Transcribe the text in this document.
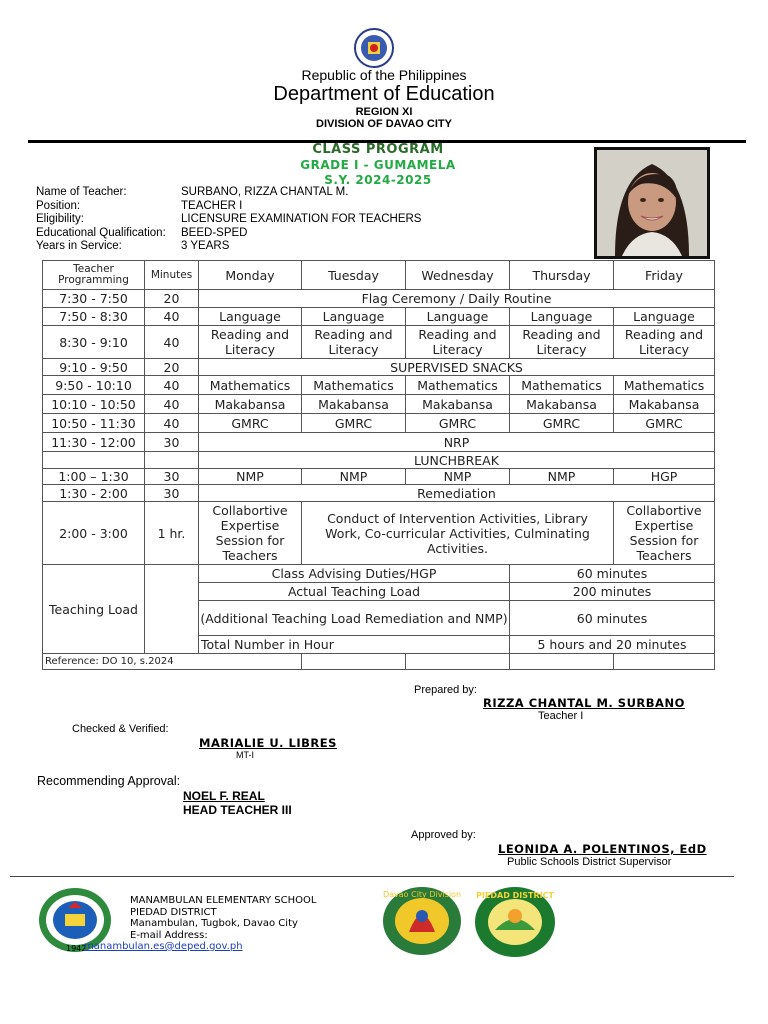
Republic of the Philippines
Department of Education
REGION XI
DIVISION OF DAVAO CITY
CLASS PROGRAM
GRADE I - GUMAMELA
S.Y. 2024-2025
Name of Teacher:	SURBANO, RIZZA CHANTAL M.
Position:	TEACHER I
Eligibility:	LICENSURE EXAMINATION FOR TEACHERS
Educational Qualification:	BEED-SPED
Years in Service:	3 YEARS
Teacher Programming	Minutes	Monday	Tuesday	Wednesday	Thursday	Friday
7:30 - 7:50	20	Flag Ceremony / Daily Routine				
7:50 - 8:30	40	Language	Language	Language	Language	Language
8:30 - 9:10	40	Reading and Literacy	Reading and Literacy	Reading and Literacy	Reading and Literacy	Reading and Literacy
9:10 - 9:50	20	SUPERVISED SNACKS				
9:50 - 10:10	40	Mathematics	Mathematics	Mathematics	Mathematics	Mathematics
10:10 - 10:50	40	Makabansa	Makabansa	Makabansa	Makabansa	Makabansa
10:50 - 11:30	40	GMRC	GMRC	GMRC	GMRC	GMRC
11:30 - 12:00	30	NRP				
		LUNCHBREAK				
1:00 – 1:30	30	NMP	NMP	NMP	NMP	HGP
1:30 - 2:00	30	Remediation				
2:00 - 3:00	1 hr.	Collabortive Expertise Session for Teachers	Conduct of Intervention Activities, Library Work, Co-curricular Activities, Culminating Activities.			Collabortive Expertise Session for Teachers
Teaching Load		Class Advising Duties/HGP			60 minutes	
		Actual Teaching Load			200 minutes	
		(Additional Teaching Load Remediation and NMP)			60 minutes	
		Total Number in Hour			5 hours and 20 minutes	
Reference: DO 10, s.2024						
Prepared by:
RIZZA CHANTAL M. SURBANO
Teacher I
Checked & Verified:
MARIALIE U. LIBRES
MT-I
Recommending Approval:
NOEL F. REAL
HEAD TEACHER III
Approved by:
LEONIDA A. POLENTINOS, EdD
Public Schools District Supervisor
1942
Davao City Division PIEDAD DISTRICT
MANAMBULAN ELEMENTARY SCHOOL
PIEDAD DISTRICT
Manambulan, Tugbok, Davao City
E-mail Address:
manambulan.es@deped.gov.ph
